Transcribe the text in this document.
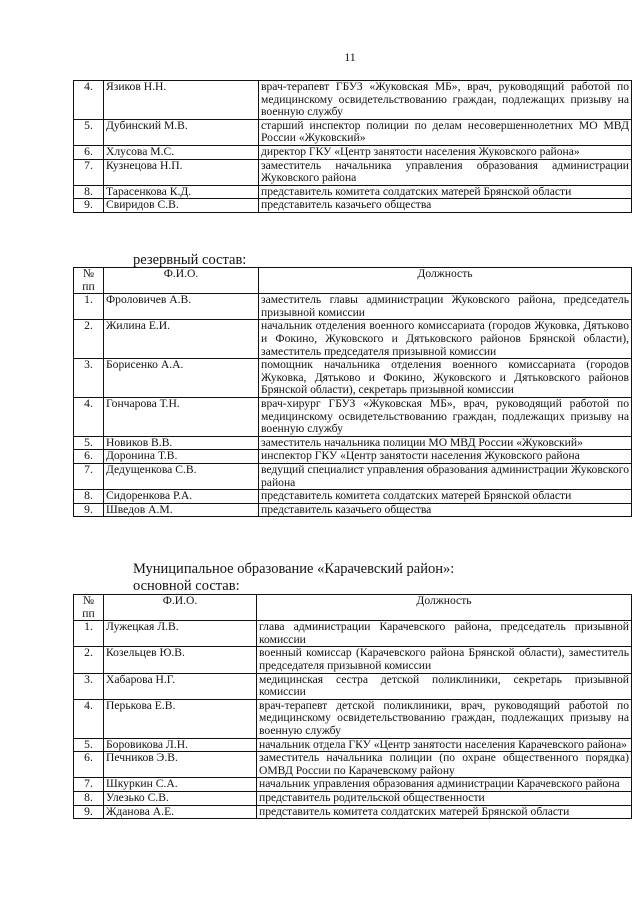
11
4.	Язиков Н.Н.	врач-терапевт ГБУЗ «Жуковская МБ», врач, руководящий работой по медицинскому освидетельствованию граждан, подлежащих призыву на военную службу
5.	Дубинский М.В.	старший инспектор полиции по делам несовершеннолетних МО МВД России «Жуковский»
6.	Хлусова М.С.	директор ГКУ «Центр занятости населения Жуковского района»
7.	Кузнецова Н.П.	заместитель начальника управления образования администрации Жуковского района
8.	Тарасенкова К.Д.	представитель комитета солдатских матерей Брянской области
9.	Свиридов С.В.	представитель казачьего общества

резервный состав:

№ пп	Ф.И.О.	Должность
1.	Фроловичев А.В.	заместитель главы администрации Жуковского района, председатель призывной комиссии
2.	Жилина Е.И.	начальник отделения военного комиссариата (городов Жуковка, Дятьково и Фокино, Жуковского и Дятьковского районов Брянской области), заместитель председателя призывной комиссии
3.	Борисенко А.А.	помощник начальника отделения военного комиссариата (городов Жуковка, Дятьково и Фокино, Жуковского и Дятьковского районов Брянской области), секретарь призывной комиссии
4.	Гончарова Т.Н.	врач-хирург ГБУЗ «Жуковская МБ», врач, руководящий работой по медицинскому освидетельствованию граждан, подлежащих призыву на военную службу
5.	Новиков В.В.	заместитель начальника полиции МО МВД России «Жуковский»
6.	Доронина Т.В.	инспектор ГКУ «Центр занятости населения Жуковского района
7.	Дедущенкова С.В.	ведущий специалист управления образования администрации Жуковского района
8.	Сидоренкова Р.А.	представитель комитета солдатских матерей Брянской области
9.	Шведов А.М.	представитель казачьего общества

Муниципальное образование «Карачевский район»:

основной состав:

№ пп	Ф.И.О.	Должность
1.	Лужецкая Л.В.	глава администрации Карачевского района, председатель призывной комиссии
2.	Козельцев Ю.В.	военный комиссар (Карачевского района Брянской области), заместитель председателя призывной комиссии
3.	Хабарова Н.Г.	медицинская сестра детской поликлиники, секретарь призывной комиссии
4.	Перькова Е.В.	врач-терапевт детской поликлиники, врач, руководящий работой по медицинскому освидетельствованию граждан, подлежащих призыву на военную службу
5.	Боровикова Л.Н.	начальник отдела ГКУ «Центр занятости населения Карачевского района»
6.	Печников Э.В.	заместитель начальника полиции (по охране общественного порядка) ОМВД России по Карачевскому району
7.	Шкуркин С.А.	начальник управления образования администрации Карачевского района
8.	Улезько С.В.	представитель родительской общественности
9.	Жданова А.Е.	представитель комитета солдатских матерей Брянской области
